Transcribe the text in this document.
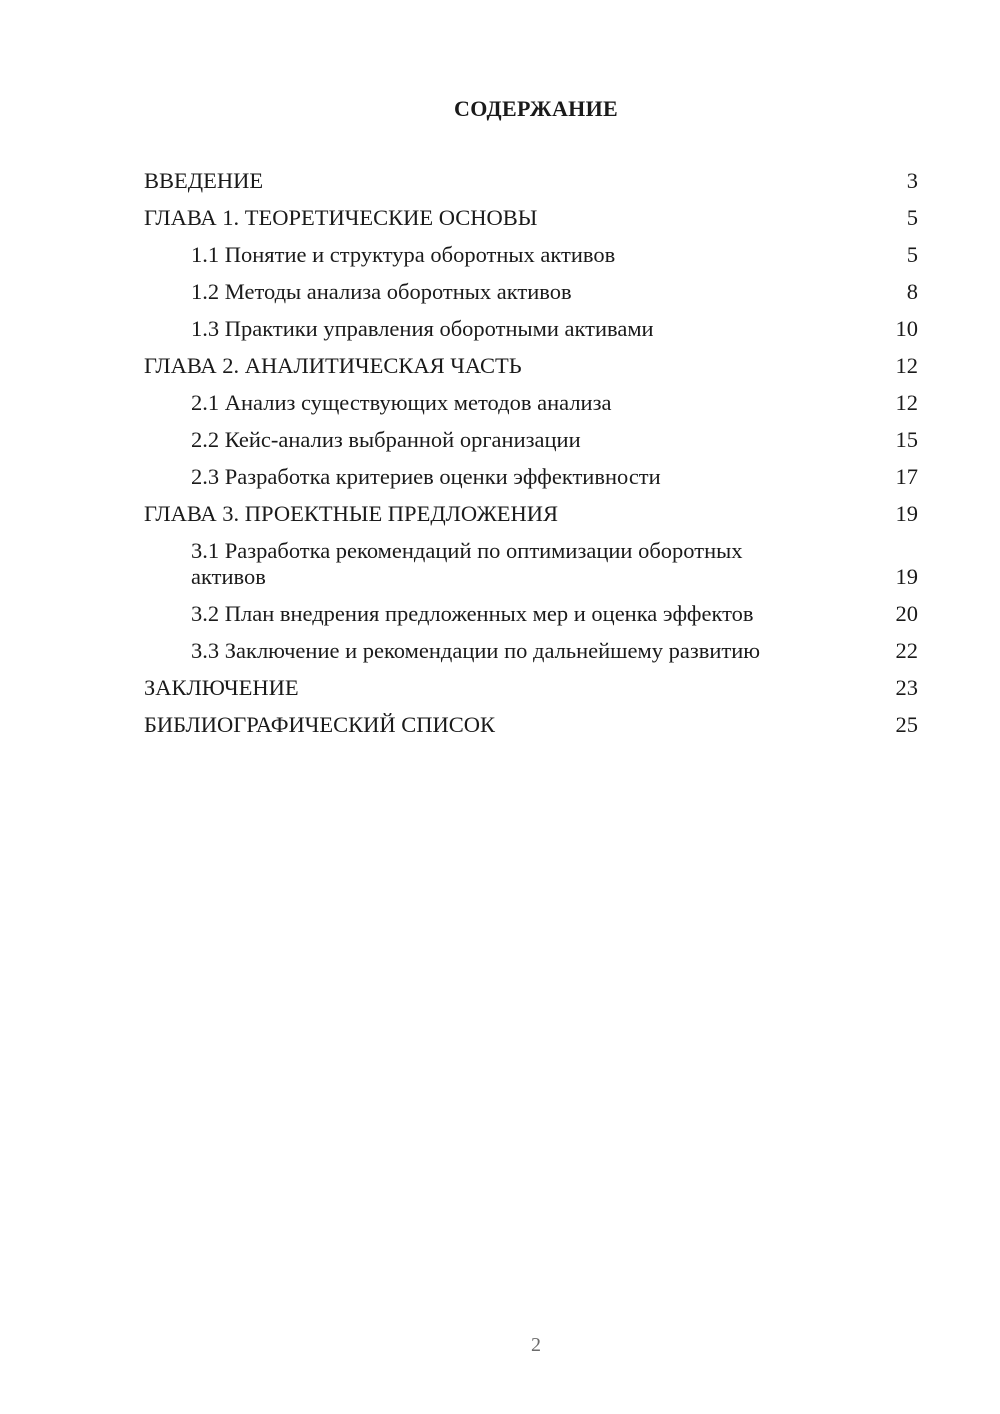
СОДЕРЖАНИЕ
ВВЕДЕНИЕ	3
ГЛАВА 1. ТЕОРЕТИЧЕСКИЕ ОСНОВЫ	5
1.1 Понятие и структура оборотных активов	5
1.2 Методы анализа оборотных активов	8
1.3 Практики управления оборотными активами	10
ГЛАВА 2. АНАЛИТИЧЕСКАЯ ЧАСТЬ	12
2.1 Анализ существующих методов анализа	12
2.2 Кейс-анализ выбранной организации	15
2.3 Разработка критериев оценки эффективности	17
ГЛАВА 3. ПРОЕКТНЫЕ ПРЕДЛОЖЕНИЯ	19
3.1 Разработка рекомендаций по оптимизации оборотных
активов	19
3.2 План внедрения предложенных мер и оценка эффектов	20
3.3 Заключение и рекомендации по дальнейшему развитию	22
ЗАКЛЮЧЕНИЕ	23
БИБЛИОГРАФИЧЕСКИЙ СПИСОК	25
2
